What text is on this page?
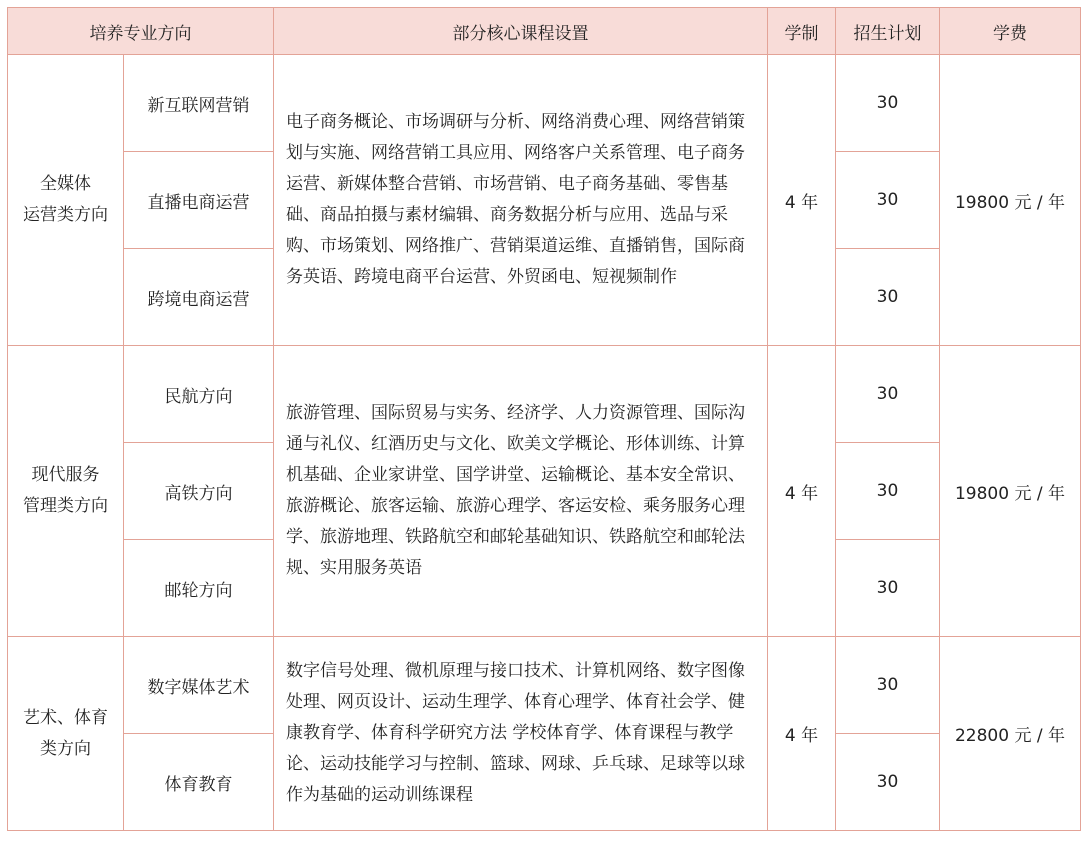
培养专业方向		部分核心课程设置	学制	招生计划	学费

全媒体
运营类方向	新互联网营销	电子商务概论、市场调研与分析、网络消费心理、网络营销策划与实施、网络营销工具应用、网络客户关系管理、电子商务运营、新媒体整合营销、市场营销、电子商务基础、零售基础、商品拍摄与素材编辑、商务数据分析与应用、选品与采购、市场策划、网络推广、营销渠道运维、直播销售，国际商务英语、跨境电商平台运营、外贸函电、短视频制作	4 年	30	19800 元 / 年
	直播电商运营			30	
	跨境电商运营			30	

现代服务
管理类方向	民航方向	旅游管理、国际贸易与实务、经济学、人力资源管理、国际沟通与礼仪、红酒历史与文化、欧美文学概论、形体训练、计算机基础、企业家讲堂、国学讲堂、运输概论、基本安全常识、旅游概论、旅客运输、旅游心理学、客运安检、乘务服务心理学、旅游地理、铁路航空和邮轮基础知识、铁路航空和邮轮法规、实用服务英语	4 年	30	19800 元 / 年
	高铁方向			30	
	邮轮方向			30	

艺术、体育
类方向	数字媒体艺术	数字信号处理、微机原理与接口技术、计算机网络、数字图像处理、网页设计、运动生理学、体育心理学、体育社会学、健康教育学、体育科学研究方法 学校体育学、体育课程与教学论、运动技能学习与控制、篮球、网球、乒乓球、足球等以球作为基础的运动训练课程	4 年	30	22800 元 / 年
	体育教育			30	
